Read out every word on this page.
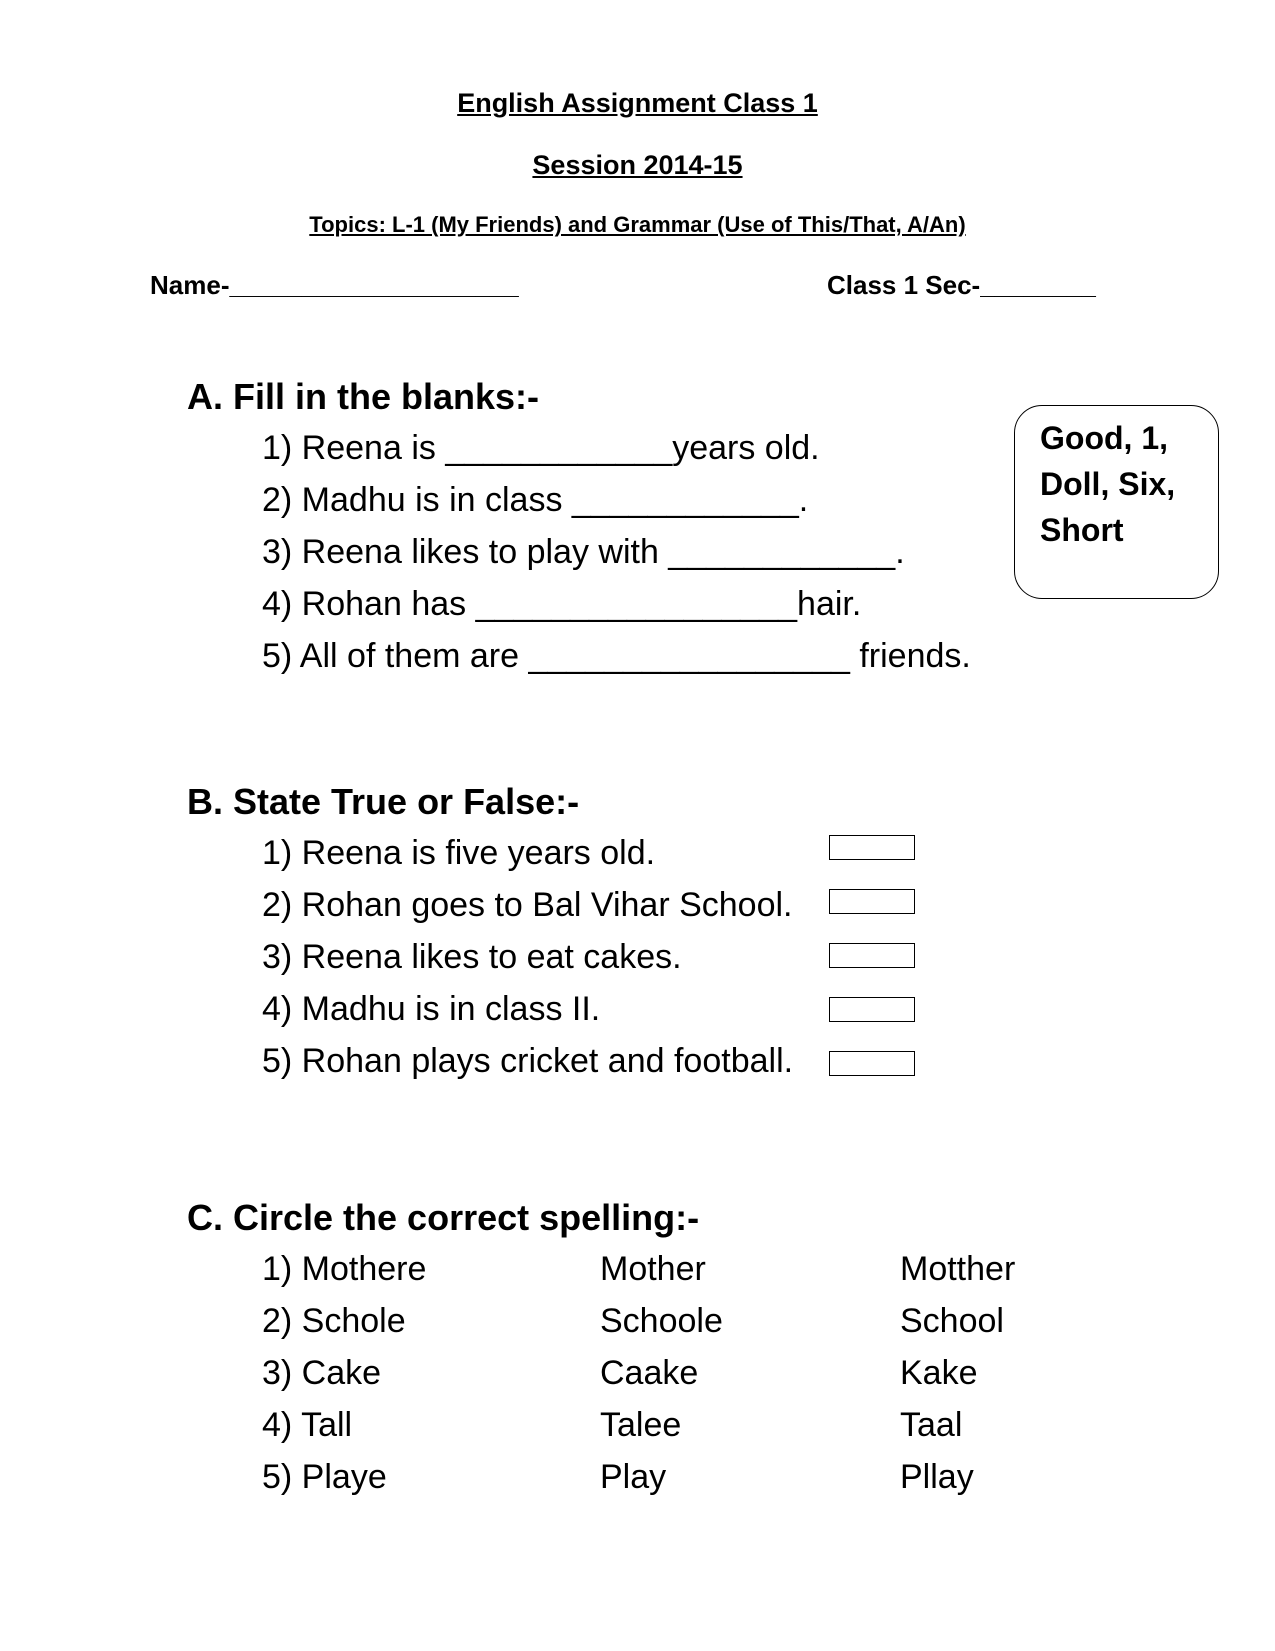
English Assignment Class 1
Session 2014-15
Topics: L-1 (My Friends) and Grammar (Use of This/That, A/An)
Name-____________________	Class 1 Sec-________
A. Fill in the blanks:-
1) Reena is ____________years old.
2) Madhu is in class ____________.
3) Reena likes to play with ____________.
4) Rohan has _________________hair.
5) All of them are _________________ friends.
Good, 1,
Doll, Six,
Short
B. State True or False:-
1) Reena is five years old.
2) Rohan goes to Bal Vihar School.
3) Reena likes to eat cakes.
4) Madhu is in class II.
5) Rohan plays cricket and football.
C. Circle the correct spelling:-
1) Mothere	Mother	Motther
2) Schole	Schoole	School
3) Cake	Caake	Kake
4) Tall	Talee	Taal
5) Playe	Play	Pllay
